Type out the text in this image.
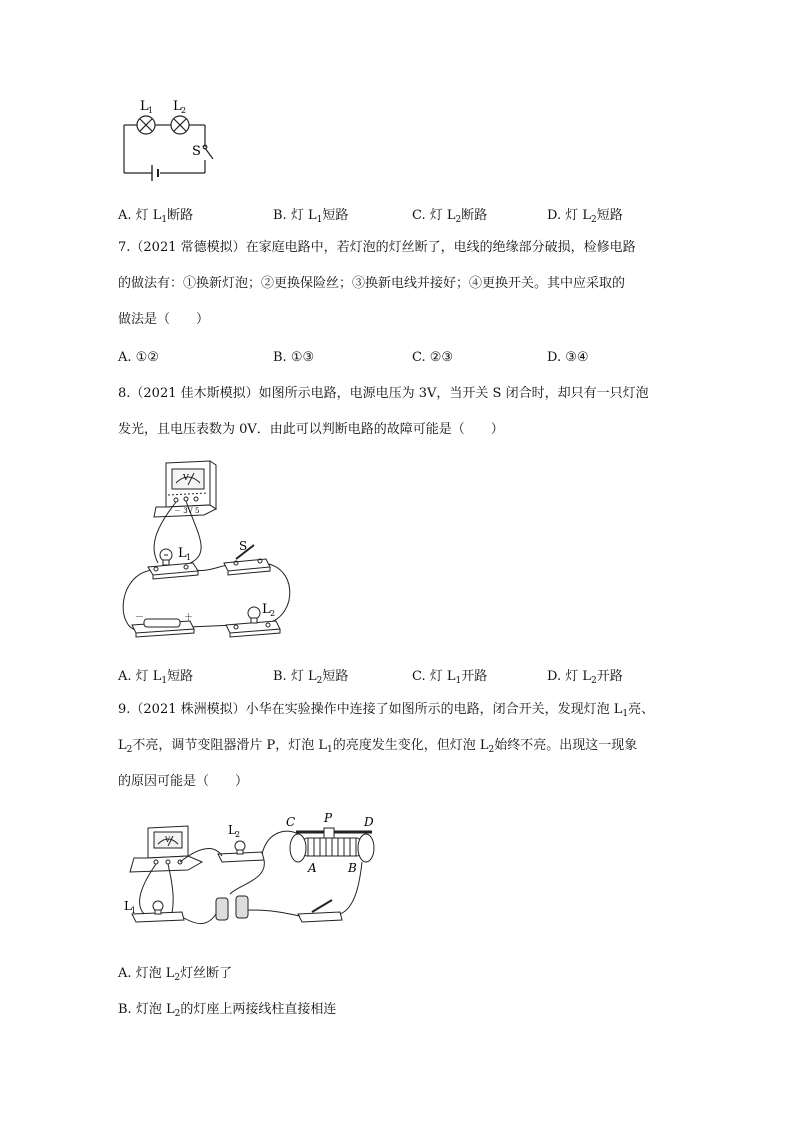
L 1 L 2
S
A. 灯 $L_1$断路	B. 灯 $L_1$短路	C. 灯 $L_2$断路	D. 灯 $L_2$短路
7.（2021 常德模拟）在家庭电路中，若灯泡的灯丝断了，电线的绝缘部分破损，检修电路
的做法有：①换新灯泡；②更换保险丝；③换新电线并接好；④更换开关。其中应采取的
做法是（　　）
A. ①②	B. ①③	C. ②③	D. ③④
8.（2021 佳木斯模拟）如图所示电路，电源电压为 3V，当开关 S 闭合时，却只有一只灯泡
发光，且电压表数为 0V．由此可以判断电路的故障可能是（　　）
V
－ 3V 5
S
L 1
L 2
－	＋
A. 灯 $L_1$短路	B. 灯 $L_2$短路	C. 灯 $L_1$开路	D. 灯 $L_2$开路
9.（2021 株洲模拟）小华在实验操作中连接了如图所示的电路，闭合开关，发现灯泡 $L_1$亮、
$L_2$不亮，调节变阻器滑片 P，灯泡 $L_1$的亮度发生变化，但灯泡 $L_2$始终不亮。出现这一现象
的原因可能是（　　）
L 1
L 2
C P	D
A	B
V
A. 灯泡 $L_2$灯丝断了
B. 灯泡 $L_2$的灯座上两接线柱直接相连
